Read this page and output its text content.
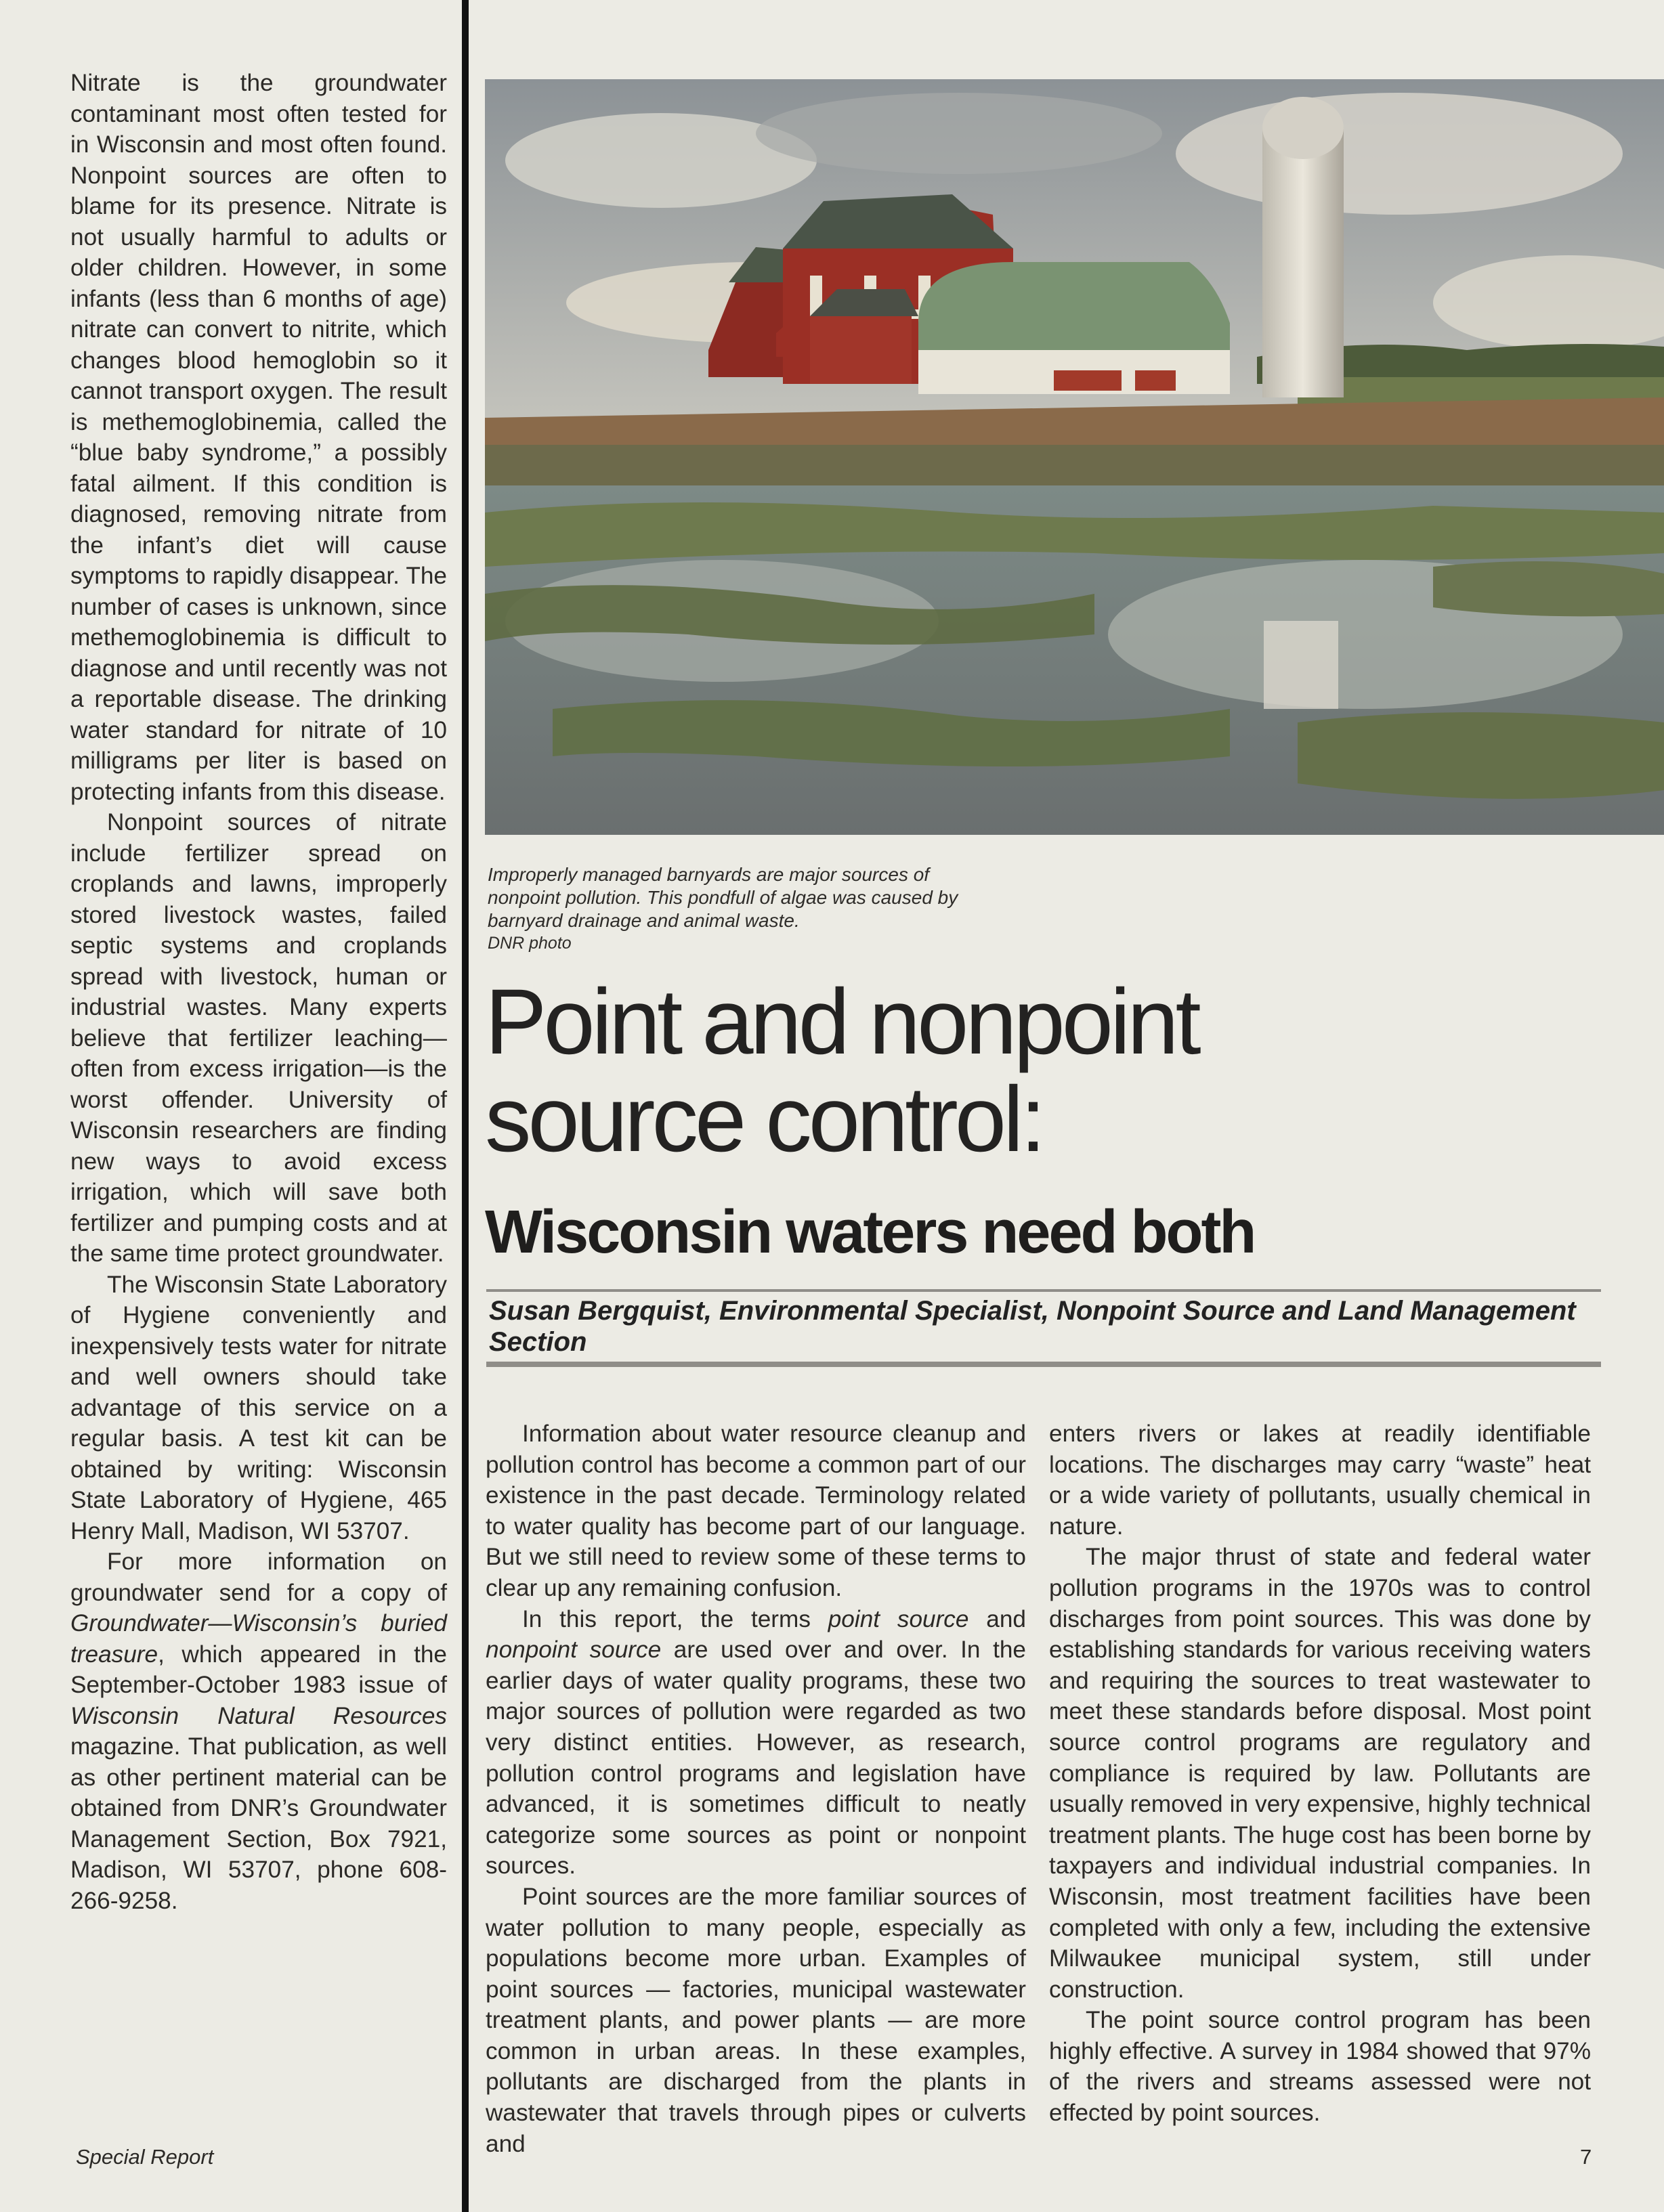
Nitrate is the groundwater contaminant most often tested for in Wisconsin and most often found. Nonpoint sources are often to blame for its presence. Nitrate is not usually harmful to adults or older children. However, in some infants (less than 6 months of age) nitrate can convert to nitrite, which changes blood hemoglobin so it cannot transport oxygen. The result is methemoglobinemia, called the “blue baby syndrome,” a possibly fatal ailment. If this condition is diagnosed, removing nitrate from the infant’s diet will cause symptoms to rapidly disappear. The number of cases is unknown, since methemoglobinemia is difficult to diagnose and until recently was not a reportable disease. The drinking water standard for nitrate of 10 milligrams per liter is based on protecting infants from this disease.

Nonpoint sources of nitrate include fertilizer spread on croplands and lawns, improperly stored livestock wastes, failed septic systems and croplands spread with livestock, human or industrial wastes. Many experts believe that fertilizer leaching—often from excess irrigation—is the worst offender. University of Wisconsin researchers are finding new ways to avoid excess irrigation, which will save both fertilizer and pumping costs and at the same time protect groundwater.

The Wisconsin State Laboratory of Hygiene conveniently and inexpensively tests water for nitrate and well owners should take advantage of this service on a regular basis. A test kit can be obtained by writing: Wisconsin State Laboratory of Hygiene, 465 Henry Mall, Madison, WI 53707.

For more information on groundwater send for a copy of Groundwater—Wisconsin’s buried treasure, which appeared in the September-October 1983 issue of Wisconsin Natural Resources magazine. That publication, as well as other pertinent material can be obtained from DNR’s Groundwater Management Section, Box 7921, Madison, WI 53707, phone 608-266-9258.

Improperly managed barnyards are major sources of nonpoint pollution. This pondfull of algae was caused by barnyard drainage and animal waste.

DNR photo

Point and nonpoint
source control:
Wisconsin waters need both
Susan Bergquist, Environmental Specialist, Nonpoint Source and Land Management Section

Information about water resource cleanup and pollution control has become a common part of our existence in the past decade. Terminology related to water quality has become part of our language. But we still need to review some of these terms to clear up any remaining confusion.

In this report, the terms point source and nonpoint source are used over and over. In the earlier days of water quality programs, these two major sources of pollution were regarded as two very distinct entities. However, as research, pollution control programs and legislation have advanced, it is sometimes difficult to neatly categorize some sources as point or nonpoint sources.

Point sources are the more familiar sources of water pollution to many people, especially as populations become more urban. Examples of point sources — factories, municipal wastewater treatment plants, and power plants — are more common in urban areas. In these examples, pollutants are discharged from the plants in wastewater that travels through pipes or culverts and

enters rivers or lakes at readily identifiable locations. The discharges may carry “waste” heat or a wide variety of pollutants, usually chemical in nature.

The major thrust of state and federal water pollution programs in the 1970s was to control discharges from point sources. This was done by establishing standards for various receiving waters and requiring the sources to treat wastewater to meet these standards before disposal. Most point source control programs are regulatory and compliance is required by law. Pollutants are usually removed in very expensive, highly technical treatment plants. The huge cost has been borne by taxpayers and individual industrial companies. In Wisconsin, most treatment facilities have been completed with only a few, including the extensive Milwaukee municipal system, still under construction.

The point source control program has been highly effective. A survey in 1984 showed that 97% of the rivers and streams assessed were not effected by point sources.

Special Report	7
